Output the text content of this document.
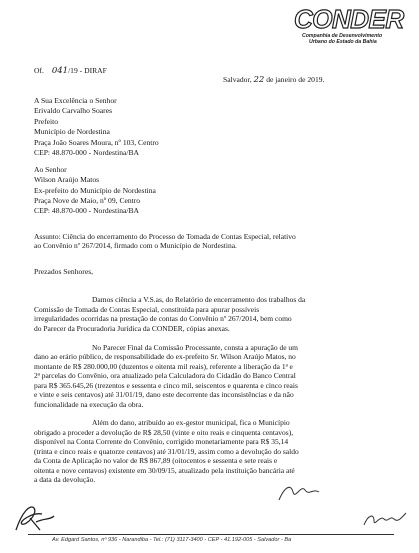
CONDER
Companhia de Desenvolvimento
Urbano do Estado da Bahia
Of. 041/19 - DIRAF
Salvador, 22 de janeiro de 2019.
A Sua Excelência o Senhor
Erivaldo Carvalho Soares
Prefeito
Município de Nordestina
Praça João Soares Moura, nº 103, Centro
CEP: 48.870-000 - Nordestina/BA
Ao Senhor
Wilson Araújo Matos
Ex-prefeito do Município de Nordestina
Praça Nove de Maio, nº 09, Centro
CEP: 48.870-000 - Nordestina/BA
Assunto: Ciência do encerramento do Processo de Tomada de Contas Especial, relativo
ao Convênio nº 267/2014, firmado com o Município de Nordestina.
Prezados Senhores,
Damos ciência a V.S.as, do Relatório de encerramento dos trabalhos da
Comissão de Tomada de Contas Especial, constituída para apurar possíveis
irregularidades ocorridas na prestação de contas do Convênio nº 267/2014, bem como
do Parecer da Procuradoria Jurídica da CONDER, cópias anexas.
No Parecer Final da Comissão Processante, consta a apuração de um
dano ao erário público, de responsabilidade do ex-prefeito Sr. Wilson Araújo Matos, no
montante de R$ 280.000,00 (duzentos e oitenta mil reais), referente a liberação da 1ª e
2ª parcelas do Convênio, ora atualizado pela Calculadora do Cidadão do Banco Central
para R$ 365.645,26 (trezentos e sessenta e cinco mil, seiscentos e quarenta e cinco reais
e vinte e seis centavos) até 31/01/19, dano este decorrente das inconsistências e da não
funcionalidade na execução da obra.
Além do dano, atribuído ao ex-gestor municipal, fica o Município
obrigado a proceder a devolução de R$ 28,50 (vinte e oito reais e cinquenta centavos),
disponível na Conta Corrente do Convênio, corrigido monetariamente para R$ 35,14
(trinta e cinco reais e quatorze centavos) até 31/01/19, assim como a devolução do saldo
da Conta de Aplicação no valor de R$ 867,89 (oitocentos e sessenta e sete reais e
oitenta e nove centavos) existente em 30/09/15, atualizado pela instituição bancária até
a data da devolução.
Av. Edgard Santos, nº 936 - Narandiba - Tel.: (71) 3117-3400 - CEP - 41.192-005 - Salvador - Ba
